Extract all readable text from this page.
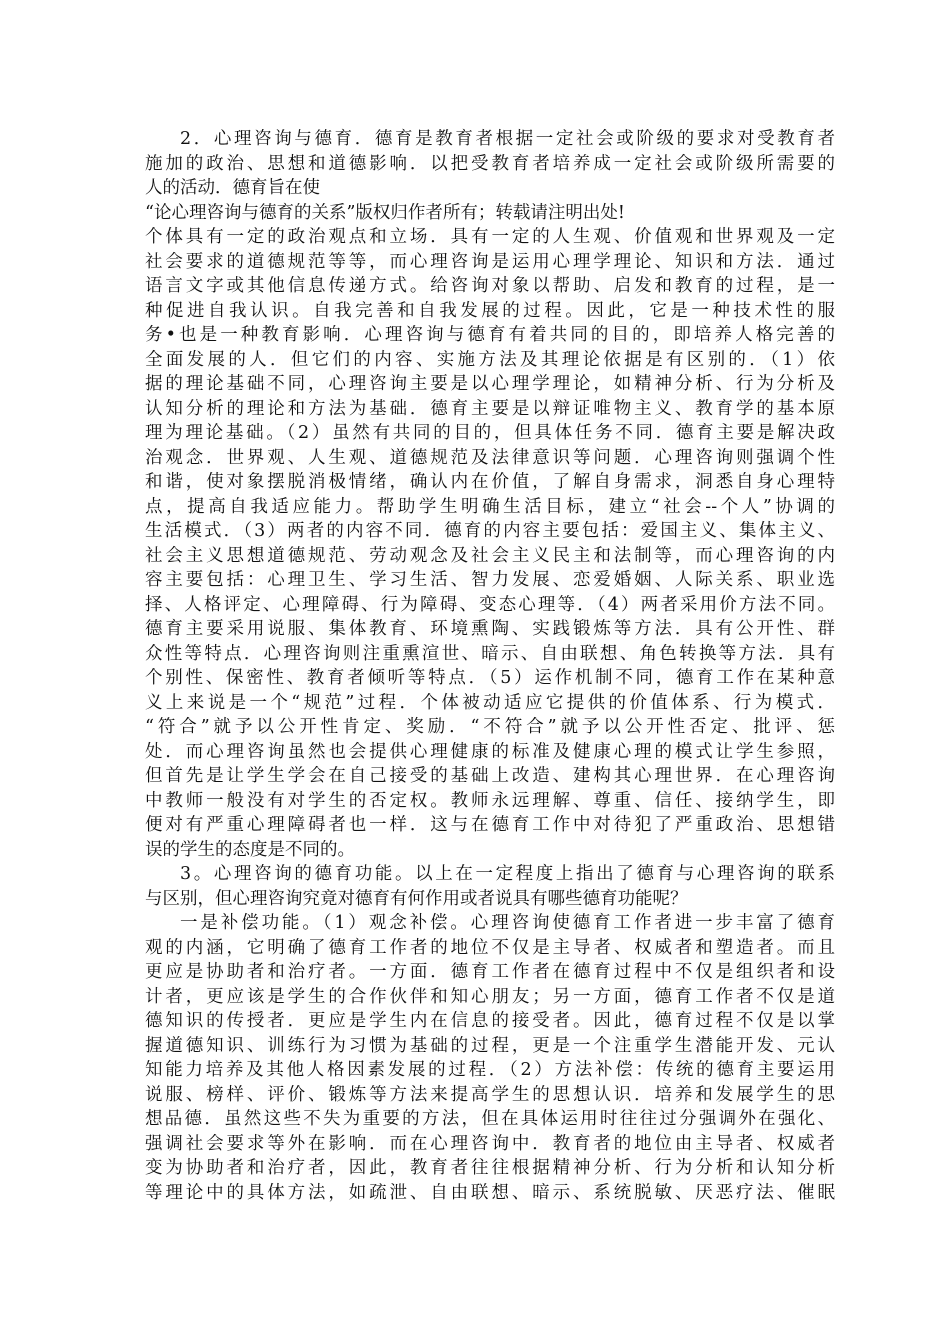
2．心理咨询与德育．德育是教育者根据一定社会或阶级的要求对受教育者
施加的政治、思想和道德影响．以把受教育者培养成一定社会或阶级所需要的
人的活动．德育旨在使
“论心理咨询与德育的关系”版权归作者所有；转载请注明出处!
个体具有一定的政治观点和立场．具有一定的人生观、价值观和世界观及一定
社会要求的道德规范等等，而心理咨询是运用心理学理论、知识和方法．通过
语言文字或其他信息传递方式。给咨询对象以帮助、启发和教育的过程，是一
种促进自我认识。自我完善和自我发展的过程。因此，它是一种技术性的服
务•也是一种教育影响．心理咨询与德育有着共同的目的，即培养人格完善的
全面发展的人．但它们的内容、实施方法及其理论依据是有区别的．（1）依
据的理论基础不同，心理咨询主要是以心理学理论，如精神分析、行为分析及
认知分析的理论和方法为基础．德育主要是以辩证唯物主义、教育学的基本原
理为理论基础。（2）虽然有共同的目的，但具体任务不同．德育主要是解决政
治观念．世界观、人生观、道德规范及法律意识等问题．心理咨询则强调个性
和谐，使对象摆脱消极情绪，确认内在价值，了解自身需求，洞悉自身心理特
点，提高自我适应能力。帮助学生明确生活目标，建立“社会--个人”协调的
生活模式．（3）两者的内容不同．德育的内容主要包括：爱国主义、集体主义、
社会主义思想道德规范、劳动观念及社会主义民主和法制等，而心理咨询的内
容主要包括：心理卫生、学习生活、智力发展、恋爱婚姻、人际关系、职业选
择、人格评定、心理障碍、行为障碍、变态心理等．（4）两者采用价方法不同。
德育主要采用说服、集体教育、环境熏陶、实践锻炼等方法．具有公开性、群
众性等特点．心理咨询则注重熏渲世、暗示、自由联想、角色转换等方法．具有
个别性、保密性、教育者倾听等特点．（5）运作机制不同，德育工作在某种意
义上来说是一个“规范”过程．个体被动适应它提供的价值体系、行为模式．
“符合”就予以公开性肯定、奖励．“不符合”就予以公开性否定、批评、惩
处．而心理咨询虽然也会提供心理健康的标准及健康心理的模式让学生参照，
但首先是让学生学会在自己接受的基础上改造、建构其心理世界．在心理咨询
中教师一般没有对学生的否定权。教师永远理解、尊重、信任、接纳学生，即
便对有严重心理障碍者也一样．这与在德育工作中对待犯了严重政治、思想错
误的学生的态度是不同的。
3。心理咨询的德育功能。以上在一定程度上指出了德育与心理咨询的联系
与区别，但心理咨询究竟对德育有何作用或者说具有哪些德育功能呢？
一是补偿功能。（1）观念补偿。心理咨询使德育工作者进一步丰富了德育
观的内涵，它明确了德育工作者的地位不仅是主导者、权威者和塑造者。而且
更应是协助者和治疗者。一方面．德育工作者在德育过程中不仅是组织者和设
计者，更应该是学生的合作伙伴和知心朋友；另一方面，德育工作者不仅是道
德知识的传授者．更应是学生内在信息的接受者。因此，德育过程不仅是以掌
握道德知识、训练行为习惯为基础的过程，更是一个注重学生潜能开发、元认
知能力培养及其他人格因素发展的过程．（2）方法补偿：传统的德育主要运用
说服、榜样、评价、锻炼等方法来提高学生的思想认识．培养和发展学生的思
想品德．虽然这些不失为重要的方法，但在具体运用时往往过分强调外在强化、
强调社会要求等外在影响．而在心理咨询中．教育者的地位由主导者、权威者
变为协助者和治疗者，因此，教育者往往根据精神分析、行为分析和认知分析
等理论中的具体方法，如疏泄、自由联想、暗示、系统脱敏、厌恶疗法、催眠
